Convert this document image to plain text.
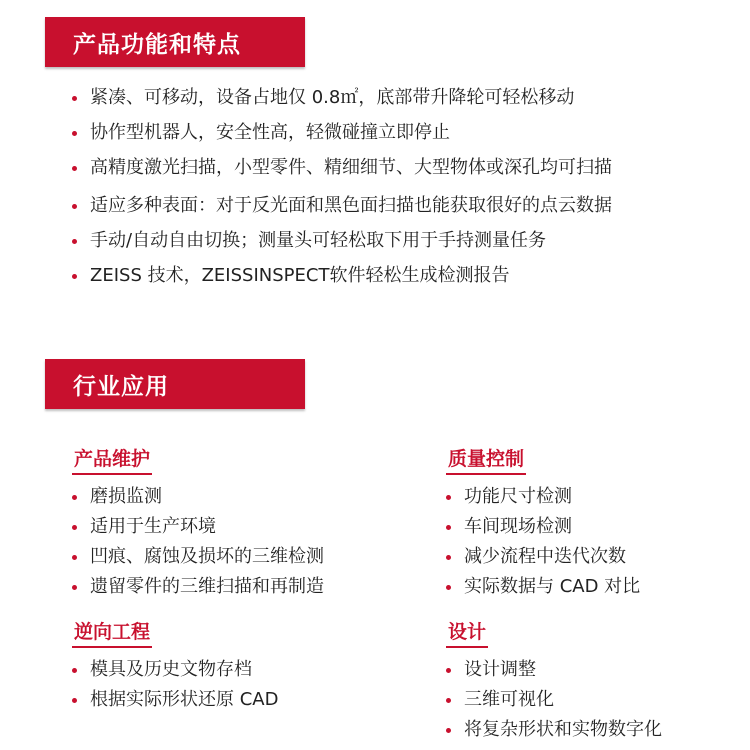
产品功能和特点
紧凑、可移动，设备占地仅 0.8㎡，底部带升降轮可轻松移动
协作型机器人，安全性高，轻微碰撞立即停止
高精度激光扫描，小型零件、精细细节、大型物体或深孔均可扫描
适应多种表面：对于反光面和黑色面扫描也能获取很好的点云数据
手动/自动自由切换；测量头可轻松取下用于手持测量任务
ZEISS 技术，ZEISSINSPECT软件轻松生成检测报告
行业应用
产品维护
磨损监测
适用于生产环境
凹痕、腐蚀及损坏的三维检测
遗留零件的三维扫描和再制造
质量控制
功能尺寸检测
车间现场检测
减少流程中迭代次数
实际数据与 CAD 对比
逆向工程
模具及历史文物存档
根据实际形状还原 CAD
设计
设计调整
三维可视化
将复杂形状和实物数字化
